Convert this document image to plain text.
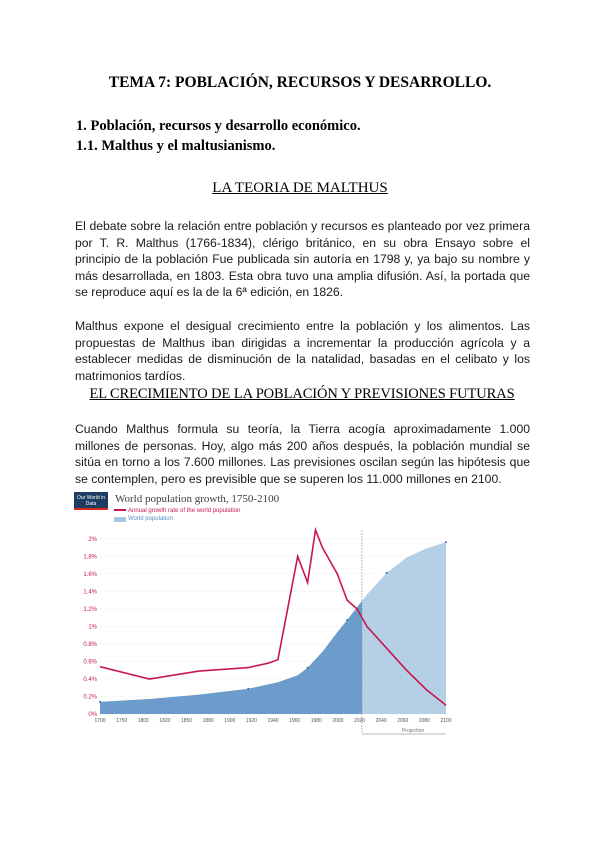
TEMA 7: POBLACIÓN, RECURSOS Y DESARROLLO.
1. Población, recursos y desarrollo económico.
1.1. Malthus y el maltusianismo.
LA TEORIA DE MALTHUS
El debate sobre la relación entre población y recursos es planteado por vez primera por T. R. Malthus (1766-1834), clérigo británico, en su obra Ensayo sobre el principio de la población Fue publicada sin autoría en 1798 y, ya bajo su nombre y más desarrollada, en 1803. Esta obra tuvo una amplia difusión. Así, la portada que se reproduce aquí es la de la 6ª edición, en 1826.
Malthus expone el desigual crecimiento entre la población y los alimentos. Las propuestas de Malthus iban dirigidas a incrementar la producción agrícola y a establecer medidas de disminución de la natalidad, basadas en el celibato y los matrimonios tardíos.
EL CRECIMIENTO DE LA POBLACIÓN Y PREVISIONES FUTURAS
Cuando Malthus formula su teoría, la Tierra acogía aproximadamente 1.000 millones de personas. Hoy, algo más 200 años después, la población mundial se sitúa en torno a los 7.600 millones. Las previsiones oscilan según las hipótesis que se contemplen, pero es previsible que se superen los 11.000 millones en 2100.
Our World in Data	World population growth, 1750-2100
Annual growth rate of the world population
World population
0%
0.2%
0.4%
0.6%
0.8%
1%
1.2%
1.4%
1.6%
1.8%
2%
1700 1750 1800 1820 1850 1880 1900 1920 1940 1960 1980 2000 2020 2040 2060 2080 2100
Projection
